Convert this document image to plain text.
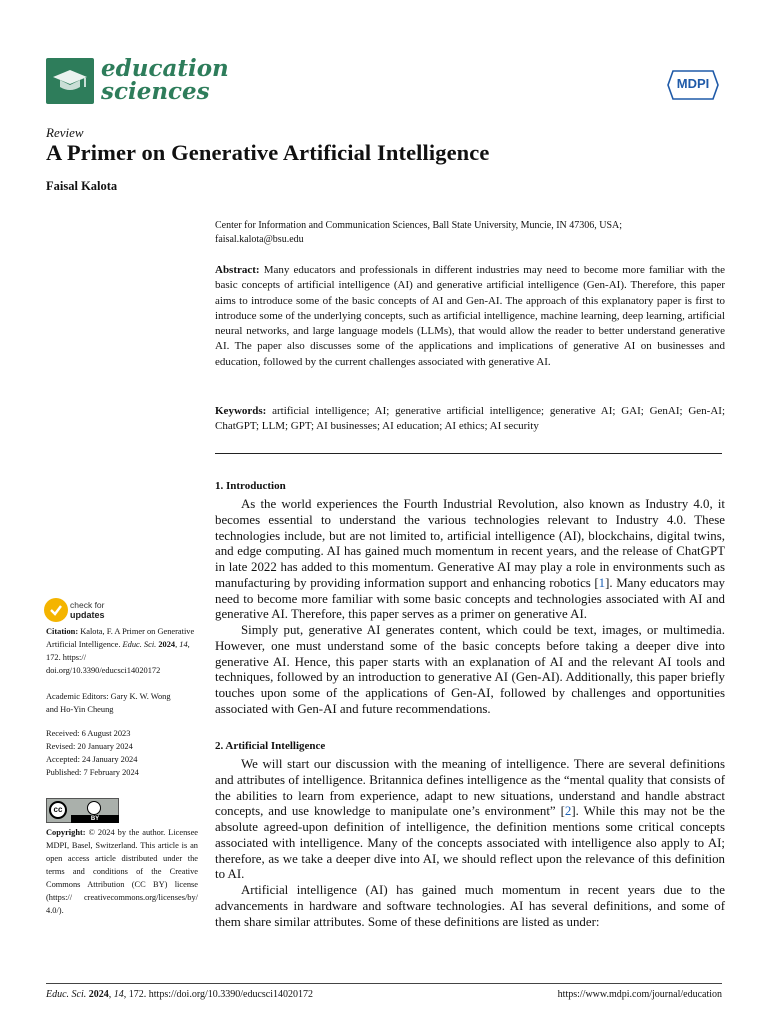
education
sciences	MDPI
Review
A Primer on Generative Artificial Intelligence
Faisal Kalota
Center for Information and Communication Sciences, Ball State University, Muncie, IN 47306, USA;
faisal.kalota@bsu.edu
Abstract: Many educators and professionals in different industries may need to become more familiar with the basic concepts of artificial intelligence (AI) and generative artificial intelligence (Gen-AI). Therefore, this paper aims to introduce some of the basic concepts of AI and Gen-AI. The approach of this explanatory paper is first to introduce some of the underlying concepts, such as artificial intelligence, machine learning, deep learning, artificial neural networks, and large language models (LLMs), that would allow the reader to better understand generative AI. The paper also discusses some of the applications and implications of generative AI on businesses and education, followed by the current challenges associated with generative AI.
Keywords: artificial intelligence; AI; generative artificial intelligence; generative AI; GAI; GenAI; Gen-AI; ChatGPT; LLM; GPT; AI businesses; AI education; AI ethics; AI security
1. Introduction

As the world experiences the Fourth Industrial Revolution, also known as Industry 4.0, it becomes essential to understand the various technologies relevant to Industry 4.0. These technologies include, but are not limited to, artificial intelligence (AI), blockchains, digital twins, and edge computing. AI has gained much momentum in recent years, and the release of ChatGPT in late 2022 has added to this momentum. Generative AI may play a role in environments such as manufacturing by providing information support and enhancing robotics [1]. Many educators may need to become more familiar with some basic concepts and technologies associated with AI and generative AI. Therefore, this paper serves as a primer on generative AI.

Simply put, generative AI generates content, which could be text, images, or multimedia. However, one must understand some of the basic concepts before taking a deeper dive into generative AI. Hence, this paper starts with an explanation of AI and the relevant AI tools and techniques, followed by an introduction to generative AI (Gen-AI). Additionally, this paper briefly touches upon some of the applications of Gen-AI, followed by challenges and opportunities associated with Gen-AI and future recommendations.

2. Artificial Intelligence

We will start our discussion with the meaning of intelligence. There are several definitions and attributes of intelligence. Britannica defines intelligence as the “mental quality that consists of the abilities to learn from experience, adapt to new situations, understand and handle abstract concepts, and use knowledge to manipulate one’s environment” [2]. While this may not be the absolute agreed-upon definition of intelligence, the definition mentions some critical concepts associated with intelligence. Many of the concepts associated with intelligence also apply to AI; therefore, as we take a deeper dive into AI, we should reflect upon the relevance of this definition to AI.

Artificial intelligence (AI) has gained much momentum in recent years due to the advancements in hardware and software technologies. AI has several definitions, and some of them share similar attributes. Some of these definitions are listed as under:

check for
updates
Citation: Kalota, F. A Primer on Generative Artificial Intelligence. Educ. Sci. 2024, 14, 172. https:// doi.org/10.3390/educsci14020172
Academic Editors: Gary K. W. Wong
and Ho-Yin Cheung
Received: 6 August 2023
Revised: 20 January 2024
Accepted: 24 January 2024
Published: 7 February 2024
cc
BY
Copyright: © 2024 by the author. Licensee MDPI, Basel, Switzerland. This article is an open access article distributed under the terms and conditions of the Creative Commons Attribution (CC BY) license (https:// creativecommons.org/licenses/by/ 4.0/).
Educ. Sci. 2024, 14, 172. https://doi.org/10.3390/educsci14020172	https://www.mdpi.com/journal/education
